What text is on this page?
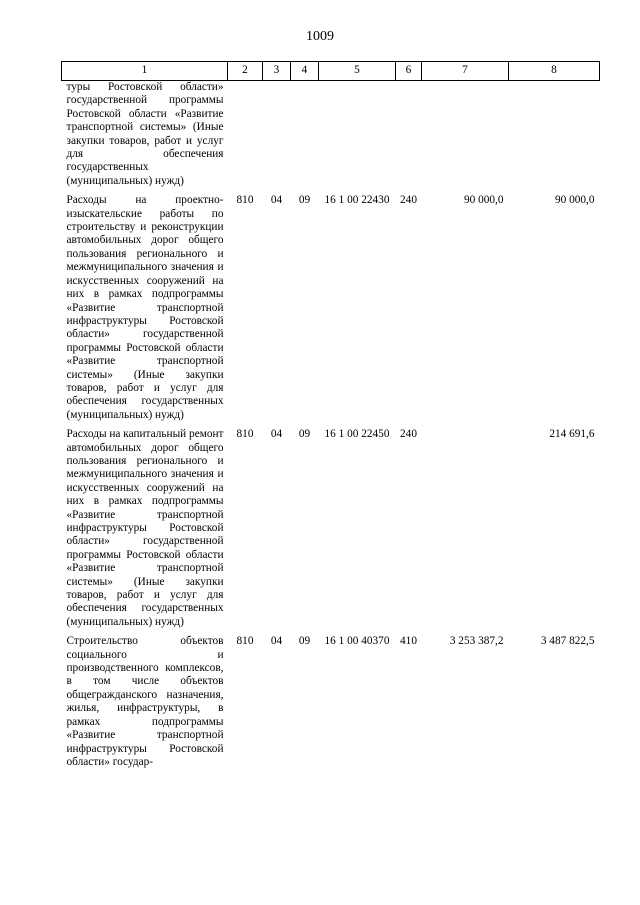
1009
1	2	3	4	5	6	7	8
туры Ростовской области» государственной программы Ростовской области «Развитие транспортной системы» (Иные закупки товаров, работ и услуг для обеспечения государственных (муниципальных) нужд)							
Расходы на проектно-изыскательские работы по строительству и реконструкции автомобильных дорог общего пользования регионального и межмуниципального значения и искусственных сооружений на них в рамках подпрограммы «Развитие транспортной инфраструктуры Ростовской области» государственной программы Ростовской области «Развитие транспортной системы» (Иные закупки товаров, работ и услуг для обеспечения государственных (муниципальных) нужд)	810	04	09	16 1 00 22430	240	90 000,0	90 000,0
Расходы на капитальный ремонт автомобильных дорог общего пользования регионального и межмуниципального значения и искусственных сооружений на них в рамках подпрограммы «Развитие транспортной инфраструктуры Ростовской области» государственной программы Ростовской области «Развитие транспортной системы» (Иные закупки товаров, работ и услуг для обеспечения государственных (муниципальных) нужд)	810	04	09	16 1 00 22450	240		214 691,6
Строительство объектов социального и производственного комплексов, в том числе объектов общегражданского назначения, жилья, инфраструктуры, в рамках подпрограммы «Развитие транспортной инфраструктуры Ростовской области» государ-	810	04	09	16 1 00 40370	410	3 253 387,2	3 487 822,5
